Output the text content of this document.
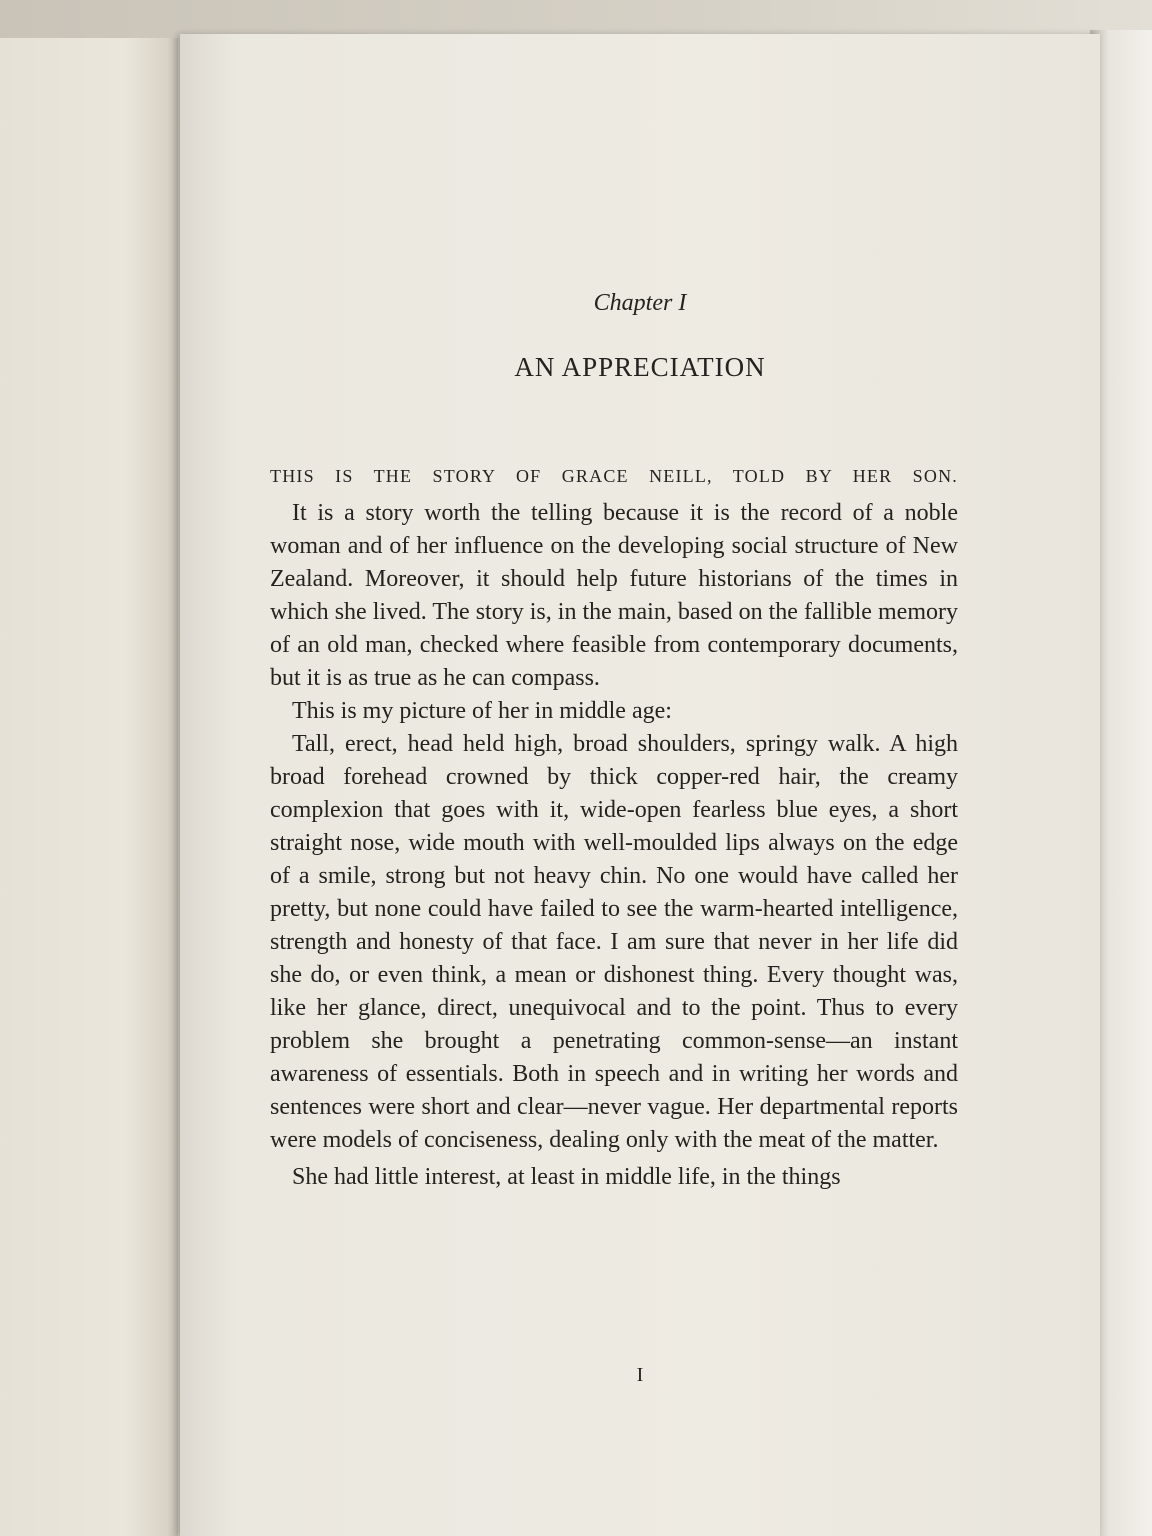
Chapter I
AN APPRECIATION
THIS IS THE STORY OF GRACE NEILL, TOLD BY HER SON.

It is a story worth the telling because it is the record of a noble woman and of her influence on the developing social structure of New Zealand. Moreover, it should help future historians of the times in which she lived. The story is, in the main, based on the fallible memory of an old man, checked where feasible from contemporary documents, but it is as true as he can compass.

This is my picture of her in middle age:

Tall, erect, head held high, broad shoulders, springy walk. A high broad forehead crowned by thick copper-red hair, the creamy complexion that goes with it, wide-open fearless blue eyes, a short straight nose, wide mouth with well-moulded lips always on the edge of a smile, strong but not heavy chin. No one would have called her pretty, but none could have failed to see the warm-hearted intelligence, strength and honesty of that face. I am sure that never in her life did she do, or even think, a mean or dishonest thing. Every thought was, like her glance, direct, unequivocal and to the point. Thus to every problem she brought a penetrating common-sense—an instant awareness of essentials. Both in speech and in writing her words and sentences were short and clear—never vague. Her departmental reports were models of conciseness, dealing only with the meat of the matter.

She had little interest, at least in middle life, in the things

I
